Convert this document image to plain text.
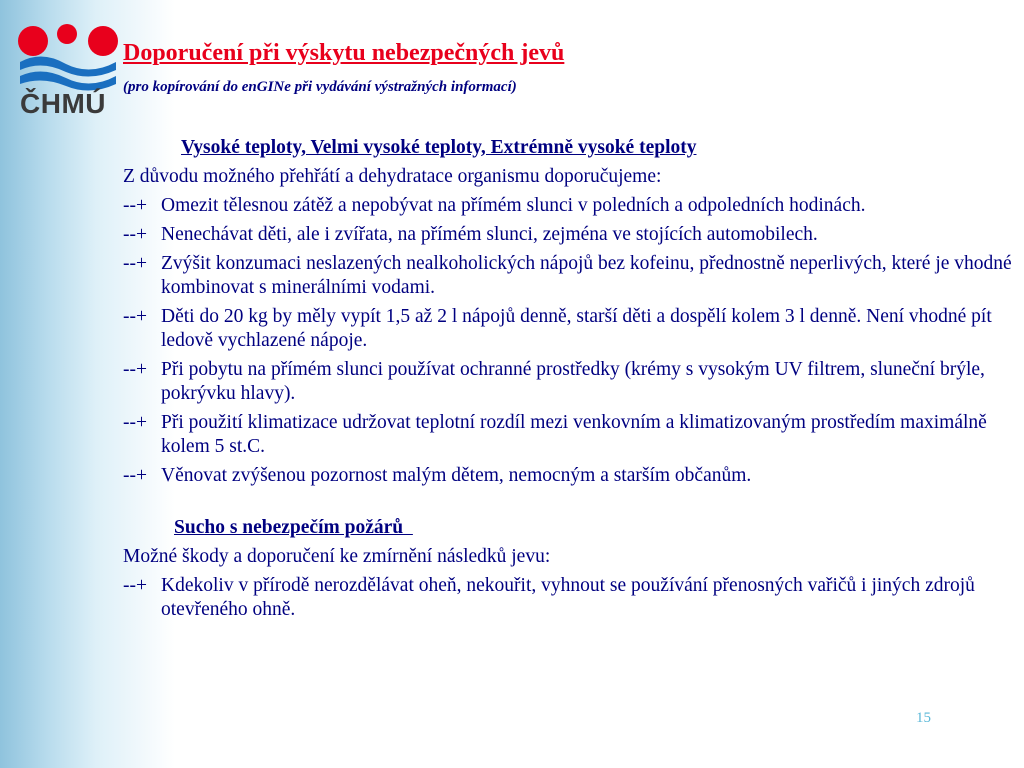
ČHMÚ
Doporučení při výskytu nebezpečných jevů
(pro kopírování do enGINe při vydávání výstražných informací)
Vysoké teploty, Velmi vysoké teploty, Extrémně vysoké teploty
Z důvodu možného přehřátí a dehydratace organismu doporučujeme:
--+ Omezit tělesnou zátěž a nepobývat na přímém slunci v poledních a odpoledních hodinách.
--+ Nenechávat děti, ale i zvířata, na přímém slunci, zejména ve stojících automobilech.
--+ Zvýšit konzumaci neslazených nealkoholických nápojů bez kofeinu, přednostně neperlivých, které je vhodné kombinovat s minerálními vodami.
--+ Děti do 20 kg by měly vypít 1,5 až 2 l nápojů denně, starší děti a dospělí kolem 3 l denně. Není vhodné pít ledově vychlazené nápoje.
--+ Při pobytu na přímém slunci používat ochranné prostředky (krémy s vysokým UV filtrem, sluneční brýle, pokrývku hlavy).
--+ Při použití klimatizace udržovat teplotní rozdíl mezi venkovním a klimatizovaným prostředím maximálně kolem 5 st.C.
--+ Věnovat zvýšenou pozornost malým dětem, nemocným a starším občanům.
Sucho s nebezpečím požárů
Možné škody a doporučení ke zmírnění následků jevu:
--+ Kdekoliv v přírodě nerozdělávat oheň, nekouřit, vyhnout se používání přenosných vařičů i jiných zdrojů otevřeného ohně.
15
